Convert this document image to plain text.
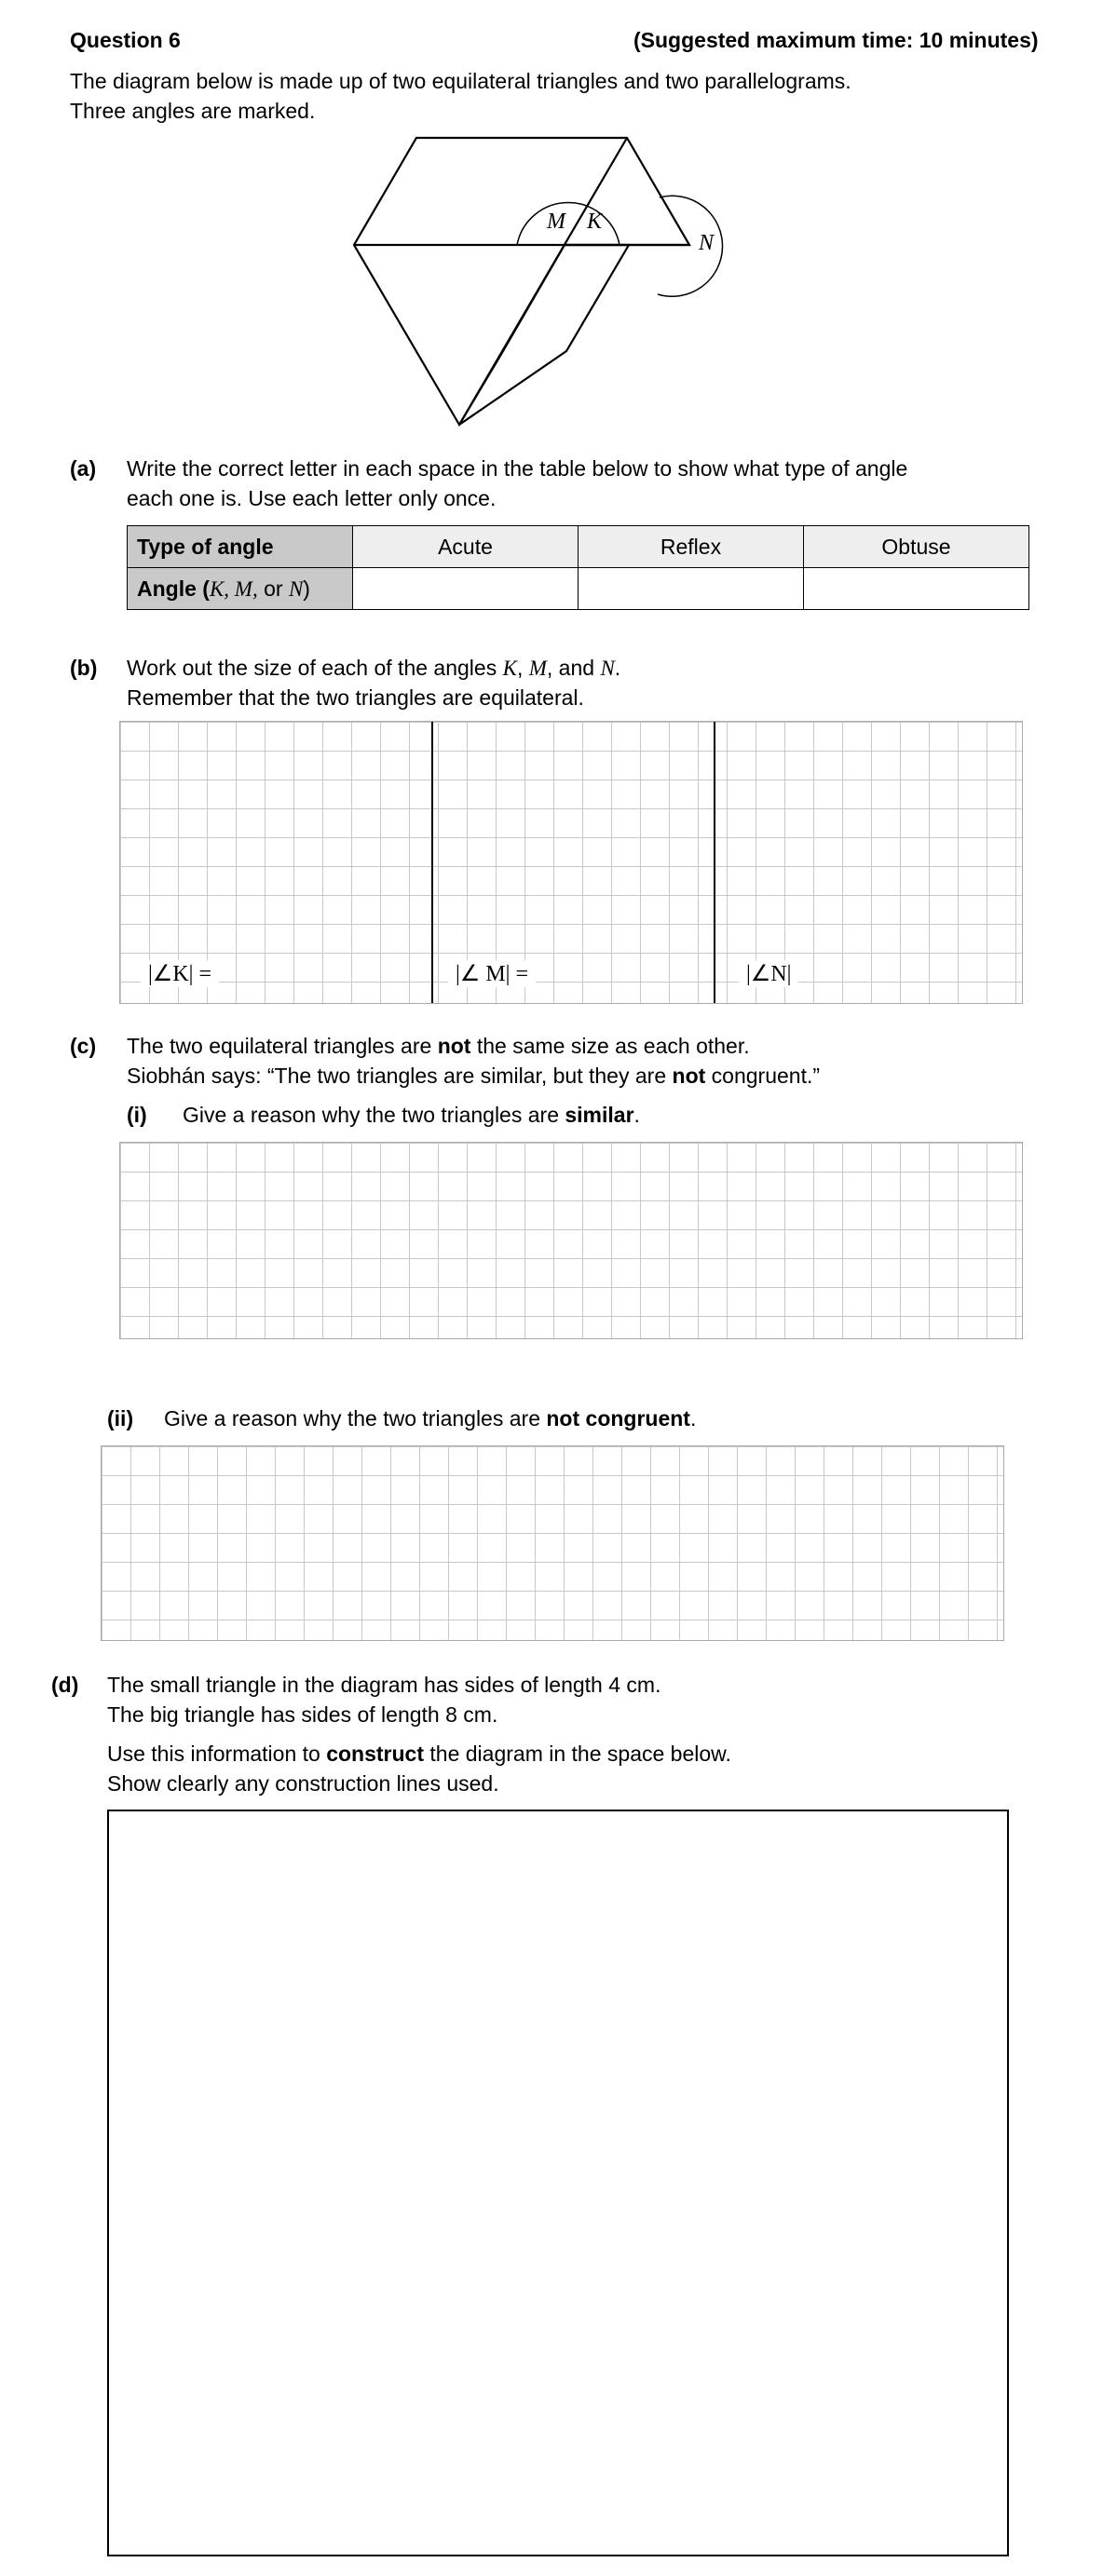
Question 6	(Suggested maximum time: 10 minutes)
The diagram below is made up of two equilateral triangles and two parallelograms.
Three angles are marked.
M K
N
(a) Write the correct letter in each space in the table below to show what type of angle
each one is. Use each letter only once.
Type of angle	Acute	Reflex	Obtuse
Angle (K, M, or N)			
(b) Work out the size of each of the angles K, M, and N.
Remember that the two triangles are equilateral.
|∠K| =	|∠ M| =	|∠N|
(c) The two equilateral triangles are not the same size as each other.
Siobhán says: “The two triangles are similar, but they are not congruent.”
(i) Give a reason why the two triangles are similar.
(ii) Give a reason why the two triangles are not congruent.
(d) The small triangle in the diagram has sides of length 4 cm.
The big triangle has sides of length 8 cm.
Use this information to construct the diagram in the space below.
Show clearly any construction lines used.
